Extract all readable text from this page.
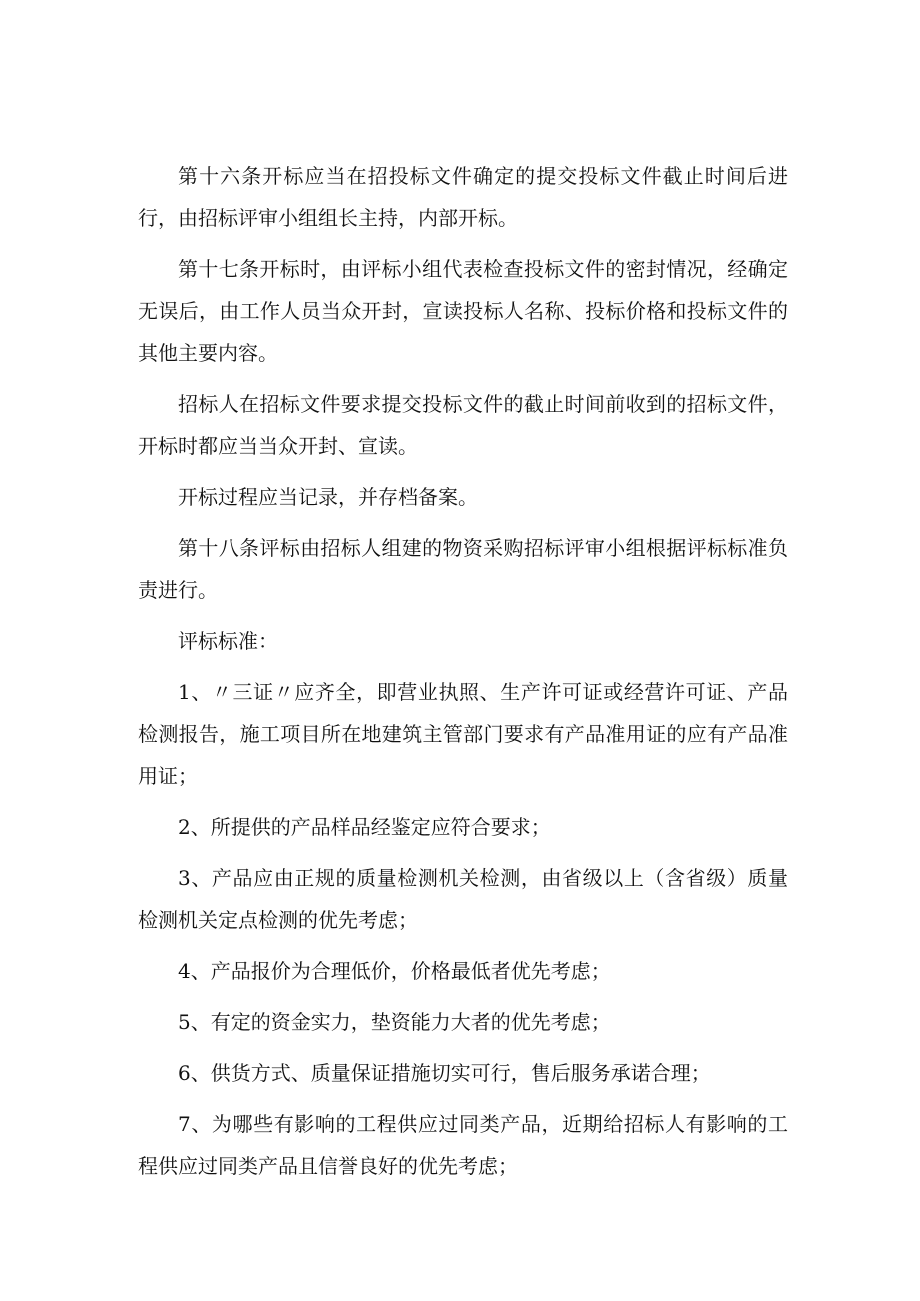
第十六条开标应当在招投标文件确定的提交投标文件截止时间后进行，由招标评审小组组长主持，内部开标。

第十七条开标时，由评标小组代表检查投标文件的密封情况，经确定无误后，由工作人员当众开封，宣读投标人名称、投标价格和投标文件的其他主要内容。

招标人在招标文件要求提交投标文件的截止时间前收到的招标文件，开标时都应当当众开封、宣读。

开标过程应当记录，并存档备案。

第十八条评标由招标人组建的物资采购招标评审小组根据评标标准负责进行。

评标标准：

1、〃三证〃应齐全，即营业执照、生产许可证或经营许可证、产品检测报告，施工项目所在地建筑主管部门要求有产品准用证的应有产品准用证；

2、所提供的产品样品经鉴定应符合要求；

3、产品应由正规的质量检测机关检测，由省级以上（含省级）质量检测机关定点检测的优先考虑；

4、产品报价为合理低价，价格最低者优先考虑；

5、有定的资金实力，垫资能力大者的优先考虑；

6、供货方式、质量保证措施切实可行，售后服务承诺合理；

7、为哪些有影响的工程供应过同类产品，近期给招标人有影响的工程供应过同类产品且信誉良好的优先考虑；
